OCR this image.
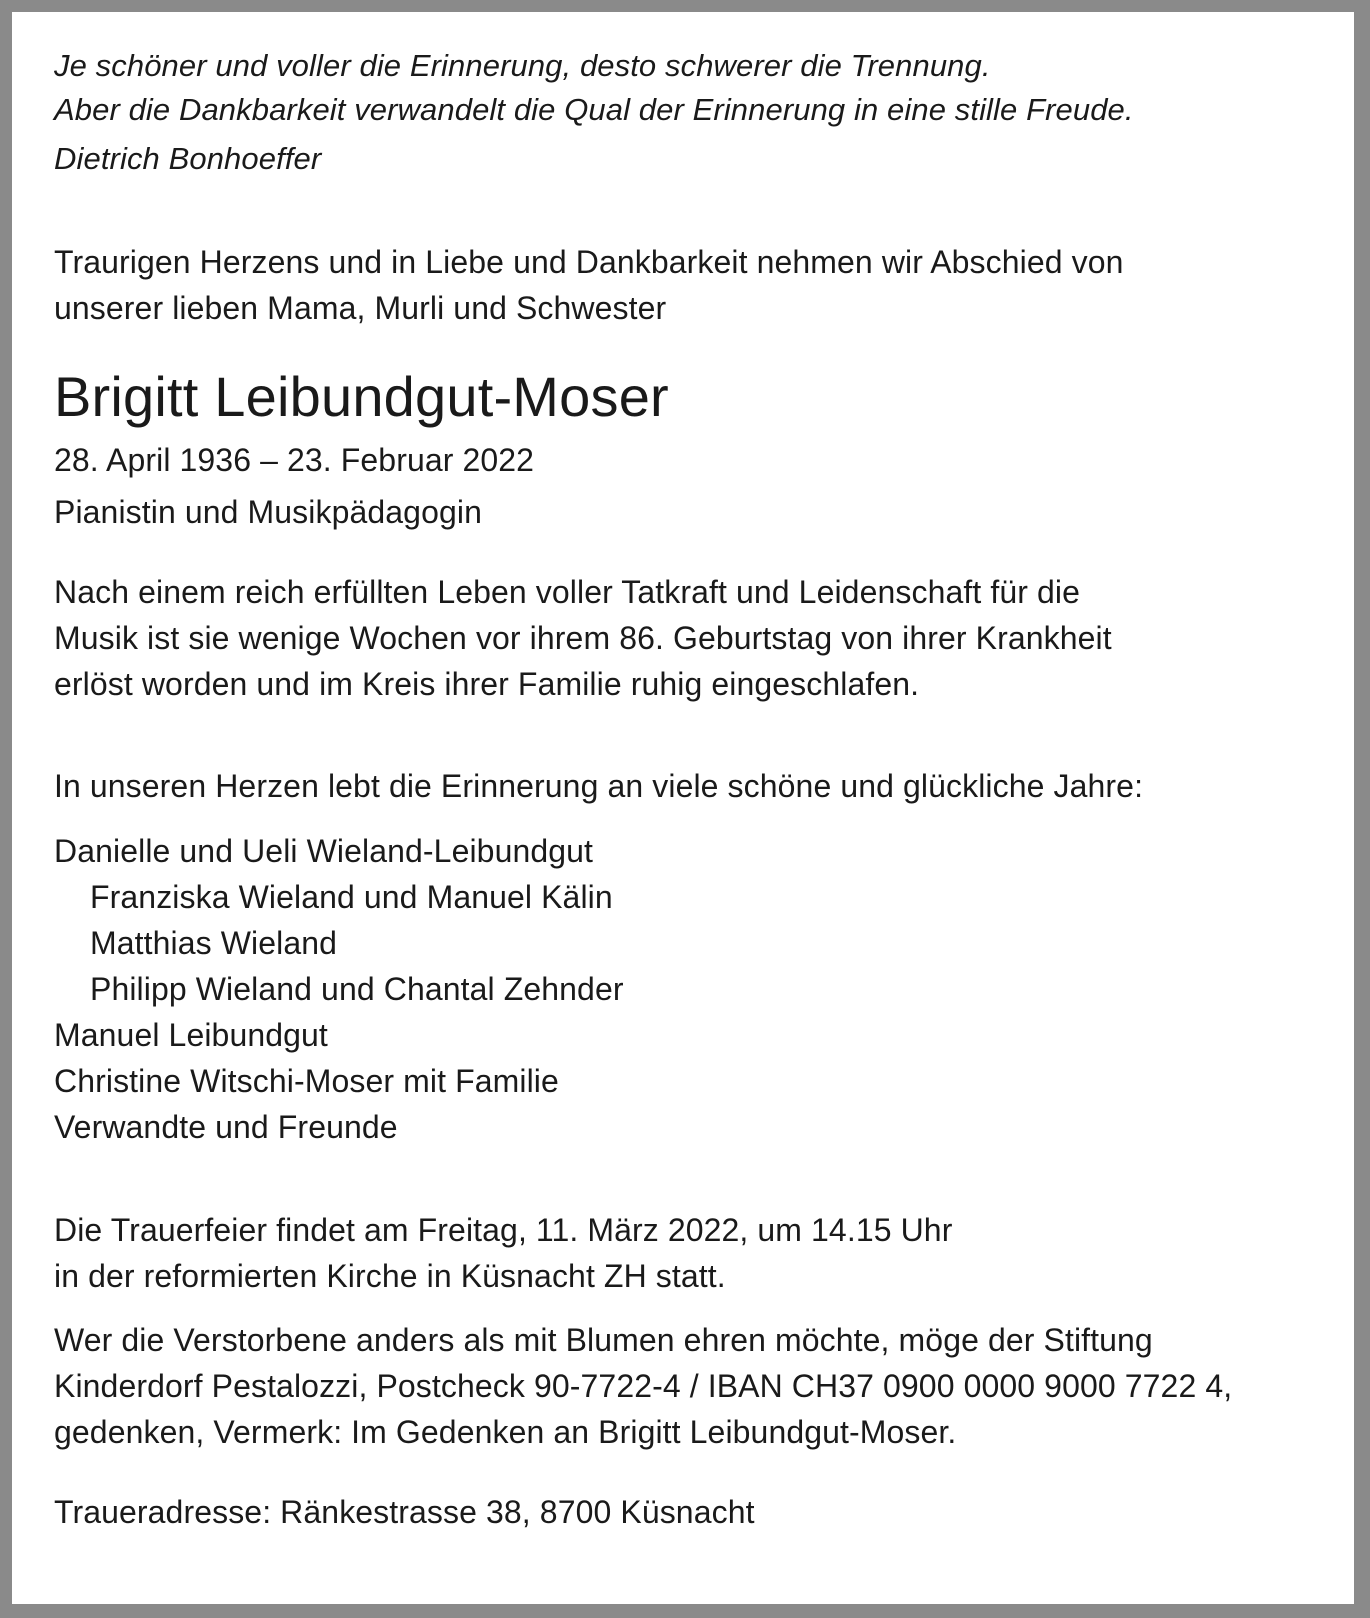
Je schöner und voller die Erinnerung, desto schwerer die Trennung.
Aber die Dankbarkeit verwandelt die Qual der Erinnerung in eine stille Freude.
Dietrich Bonhoeffer
Traurigen Herzens und in Liebe und Dankbarkeit nehmen wir Abschied von
unserer lieben Mama, Murli und Schwester
Brigitt Leibundgut-Moser
28. April 1936 – 23. Februar 2022
Pianistin und Musikpädagogin
Nach einem reich erfüllten Leben voller Tatkraft und Leidenschaft für die
Musik ist sie wenige Wochen vor ihrem 86. Geburtstag von ihrer Krankheit
erlöst worden und im Kreis ihrer Familie ruhig eingeschlafen.
In unseren Herzen lebt die Erinnerung an viele schöne und glückliche Jahre:
Danielle und Ueli Wieland-Leibundgut
Franziska Wieland und Manuel Kälin
Matthias Wieland
Philipp Wieland und Chantal Zehnder
Manuel Leibundgut
Christine Witschi-Moser mit Familie
Verwandte und Freunde
Die Trauerfeier findet am Freitag, 11. März 2022, um 14.15 Uhr
in der reformierten Kirche in Küsnacht ZH statt.
Wer die Verstorbene anders als mit Blumen ehren möchte, möge der Stiftung
Kinderdorf Pestalozzi, Postcheck 90-7722-4 / IBAN CH37 0900 0000 9000 7722 4,
gedenken, Vermerk: Im Gedenken an Brigitt Leibundgut-Moser.
Traueradresse: Ränkestrasse 38, 8700 Küsnacht
